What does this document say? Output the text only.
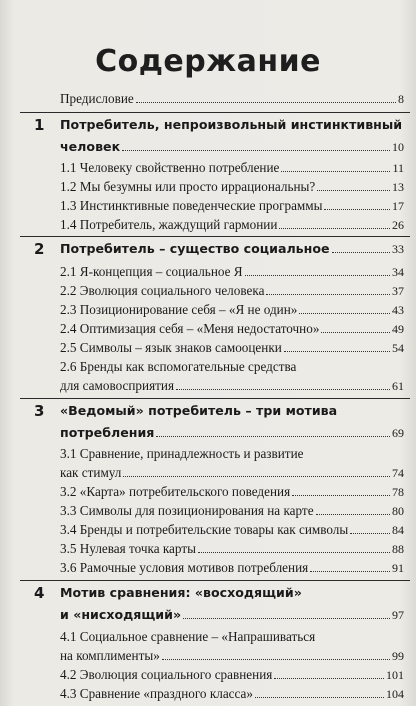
Содержание
Предисловие	8
1 Потребитель, непроизвольный инстинктивный
человек	10
1.1 Человеку свойственно потребление	11
1.2 Мы безумны или просто иррациональны?	13
1.3 Инстинктивные поведенческие программы	17
1.4 Потребитель, жаждущий гармонии	26
2 Потребитель – существо социальное	33
2.1 Я-концепция – социальное Я	34
2.2 Эволюция социального человека	37
2.3 Позиционирование себя – «Я не один»	43
2.4 Оптимизация себя – «Меня недостаточно»	49
2.5 Символы – язык знаков самооценки	54
2.6 Бренды как вспомогательные средства
для самовосприятия	61
3 «Ведомый» потребитель – три мотива
потребления	69
3.1 Сравнение, принадлежность и развитие
как стимул	74
3.2 «Карта» потребительского поведения	78
3.3 Символы для позиционирования на карте	80
3.4 Бренды и потребительские товары как символы	84
3.5 Нулевая точка карты	88
3.6 Рамочные условия мотивов потребления	91
4 Мотив сравнения: «восходящий»
и «нисходящий»	97
4.1 Социальное сравнение – «Напрашиваться
на комплименты»	99
4.2 Эволюция социального сравнения	101
4.3 Сравнение «праздного класса»	104
